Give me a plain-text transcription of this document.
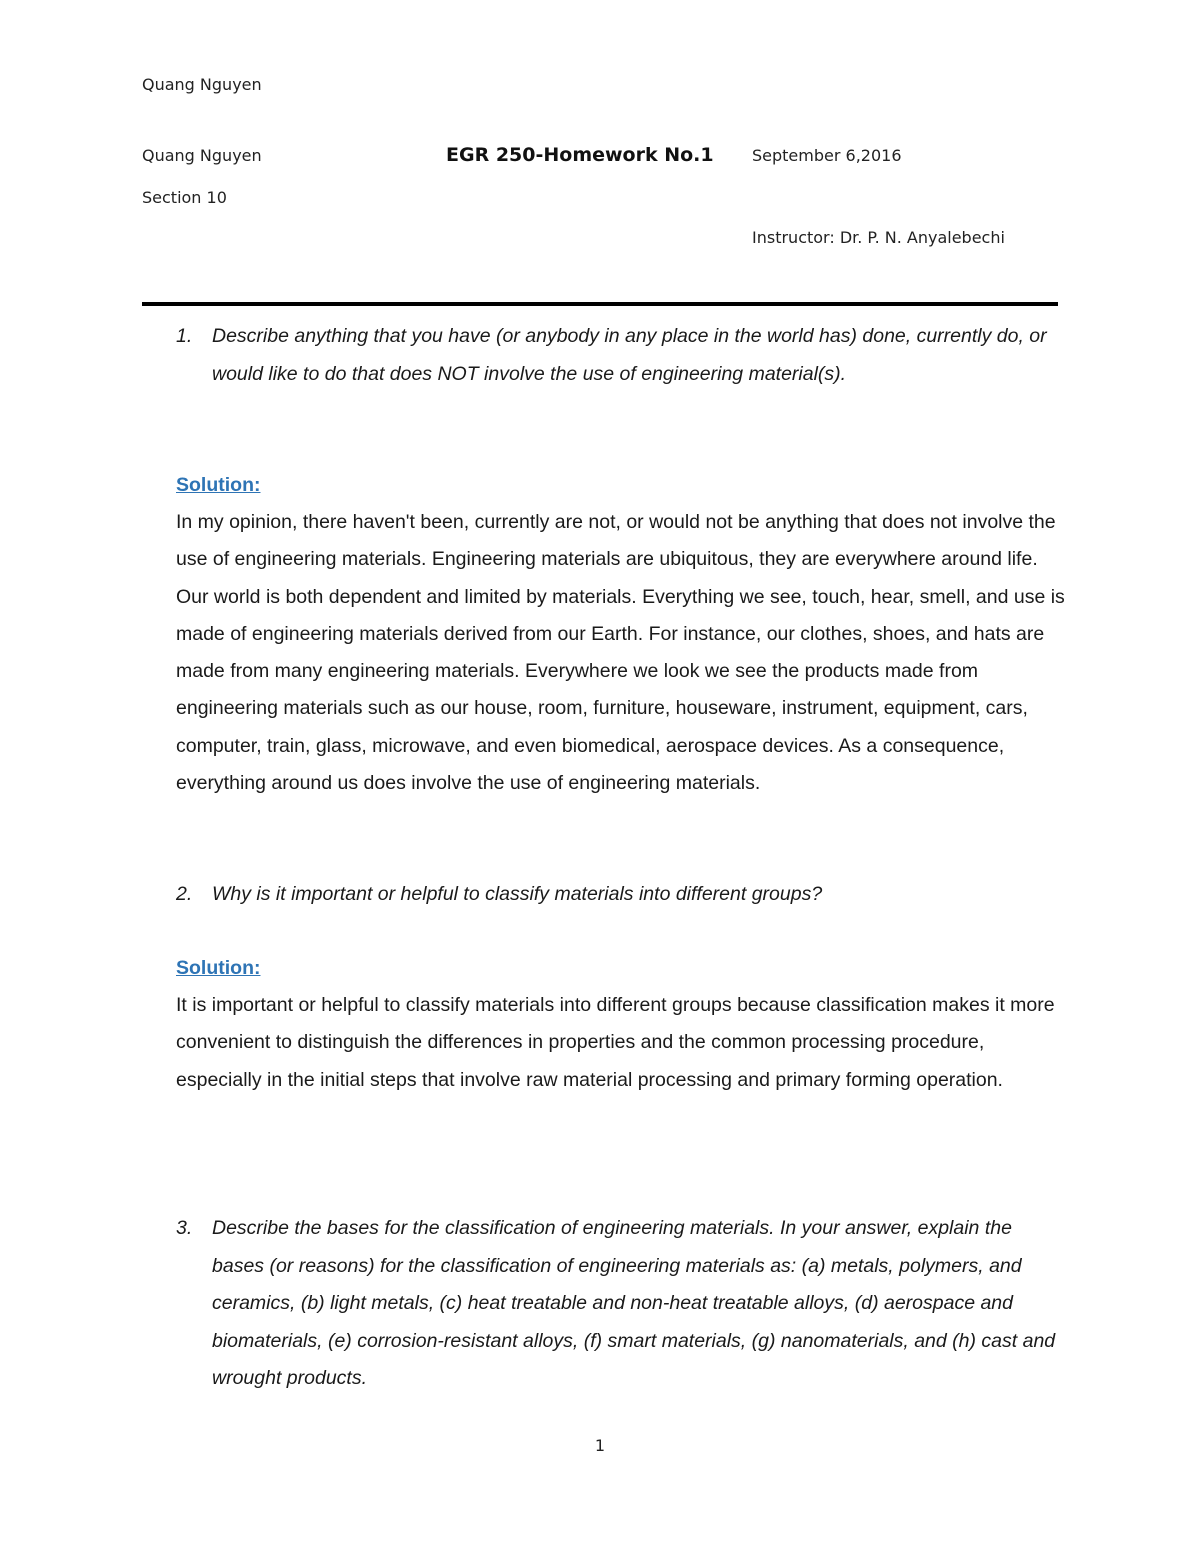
Quang Nguyen

Quang Nguyen	EGR 250-Homework No.1 September 6,2016

Section 10

Instructor: Dr. P. N. Anyalebechi

1. Describe anything that you have (or anybody in any place in the world has) done, currently do, or would like to do that does NOT involve the use of engineering material(s).
Solution:
In my opinion, there haven't been, currently are not, or would not be anything that does not involve the use of engineering materials. Engineering materials are ubiquitous, they are everywhere around life. Our world is both dependent and limited by materials. Everything we see, touch, hear, smell, and use is made of engineering materials derived from our Earth. For instance, our clothes, shoes, and hats are made from many engineering materials. Everywhere we look we see the products made from engineering materials such as our house, room, furniture, houseware, instrument, equipment, cars, computer, train, glass, microwave, and even biomedical, aerospace devices. As a consequence, everything around us does involve the use of engineering materials.
2. Why is it important or helpful to classify materials into different groups?
Solution:
It is important or helpful to classify materials into different groups because classification makes it more convenient to distinguish the differences in properties and the common processing procedure, especially in the initial steps that involve raw material processing and primary forming operation.
3. Describe the bases for the classification of engineering materials. In your answer, explain the bases (or reasons) for the classification of engineering materials as: (a) metals, polymers, and ceramics, (b) light metals, (c) heat treatable and non-heat treatable alloys, (d) aerospace and biomaterials, (e) corrosion-resistant alloys, (f) smart materials, (g) nanomaterials, and (h) cast and wrought products.
1
